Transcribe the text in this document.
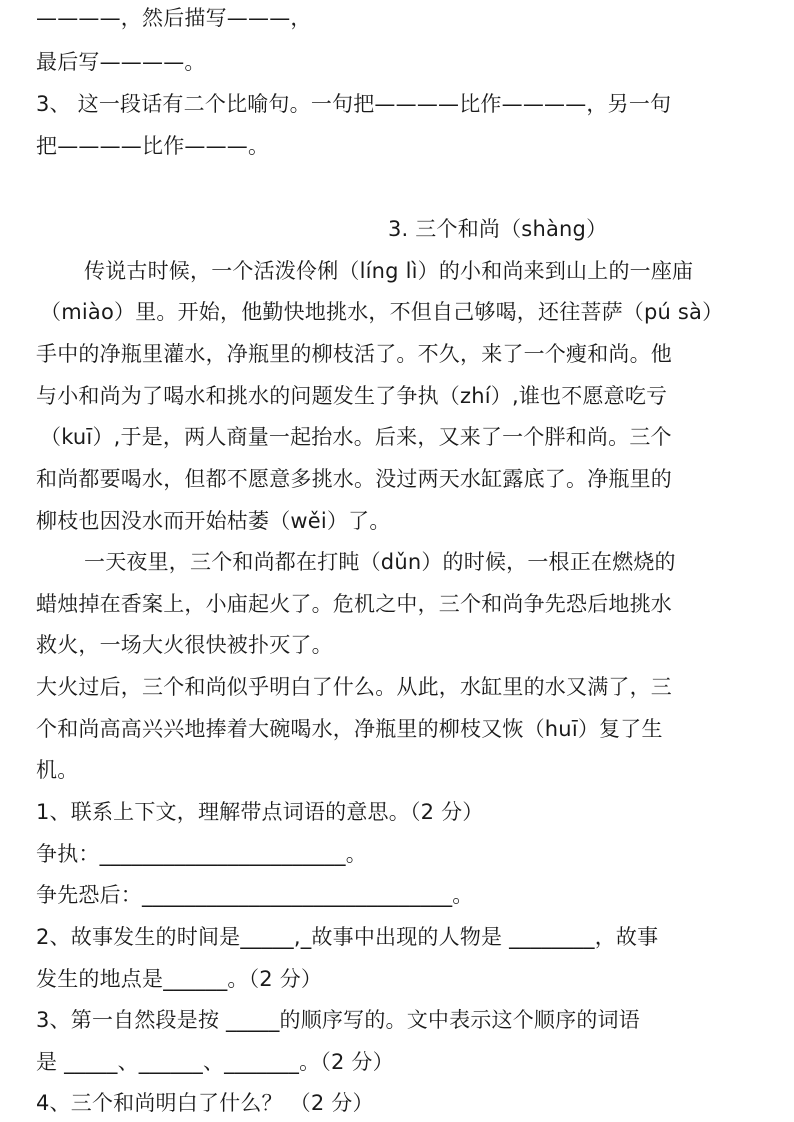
————，然后描写———，
最后写————。
3、 这一段话有二个比喻句。一句把————比作————，另一句
把————比作———。
3. 三个和尚（shàng）
传说古时候，一个活泼伶俐（líng lì）的小和尚来到山上的一座庙
（miào）里。开始，他勤快地挑水，不但自己够喝，还往菩萨（pú sà）
手中的净瓶里灌水，净瓶里的柳枝活了。不久，来了一个瘦和尚。他
与小和尚为了喝水和挑水的问题发生了争执（zhí）,谁也不愿意吃亏
（kuī）,于是，两人商量一起抬水。后来，又来了一个胖和尚。三个
和尚都要喝水，但都不愿意多挑水。没过两天水缸露底了。净瓶里的
柳枝也因没水而开始枯萎（wěi）了。
一天夜里，三个和尚都在打盹（dǔn）的时候，一根正在燃烧的
蜡烛掉在香案上，小庙起火了。危机之中，三个和尚争先恐后地挑水
救火，一场大火很快被扑灭了。
大火过后，三个和尚似乎明白了什么。从此，水缸里的水又满了，三
个和尚高高兴兴地捧着大碗喝水，净瓶里的柳枝又恢（huī）复了生
机。
1、联系上下文，理解带点词语的意思。（2 分）
争执：_______________________。
争先恐后：_____________________________。
2、故事发生的时间是_____,_故事中出现的人物是 ________，故事
发生的地点是______。（2 分）
3、第一自然段是按 _____的顺序写的。文中表示这个顺序的词语
是 _____、______、_______。（2 分）
4、三个和尚明白了什么？ （2 分）
